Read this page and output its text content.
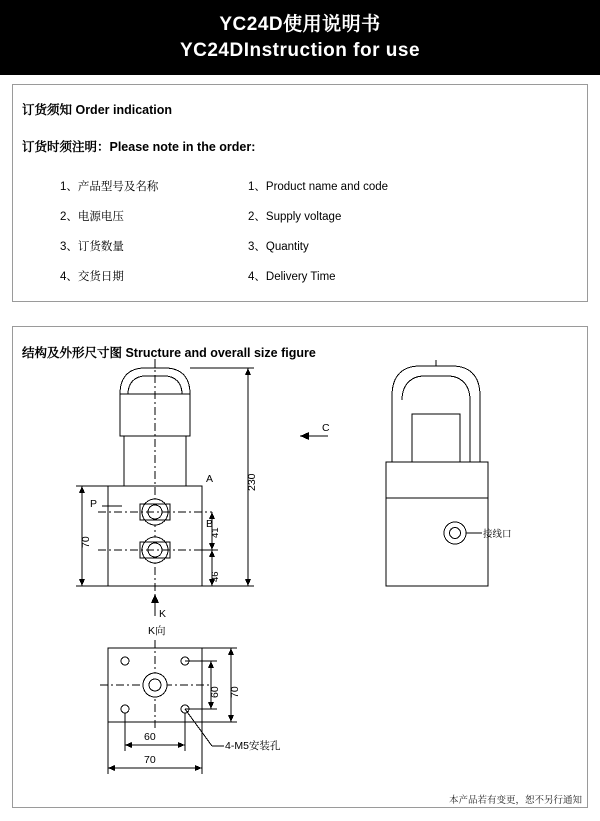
YC24D使用说明书
YC24DInstruction for use
订货须知 Order indication
订货时须注明：Please note in the order:
1、产品型号及名称	1、Product name and code
2、电源电压	2、Supply voltage
3、订货数量	3、Quantity
4、交货日期	4、Delivery Time
结构及外形尺寸图 Structure and overall size figure
P
A
B
230
41
46
70
K
K向
60 70
60
70
4-M5安装孔
C
接线口
本产品若有变更，恕不另行通知
